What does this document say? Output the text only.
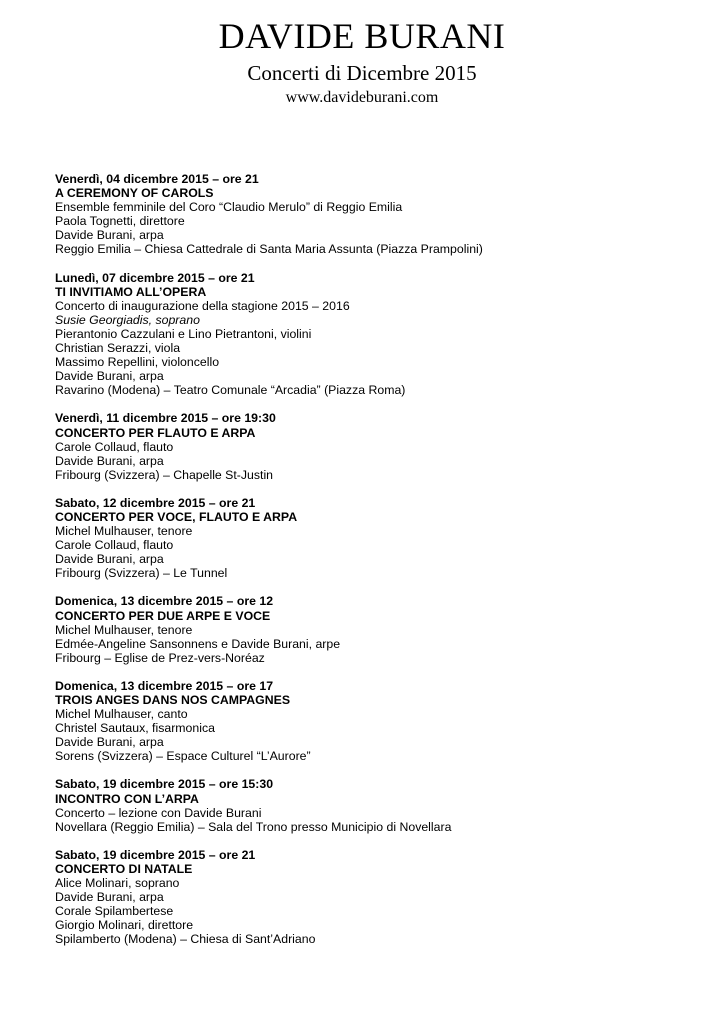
DAVIDE BURANI
Concerti di Dicembre 2015
www.davideburani.com
Venerdì, 04 dicembre 2015 – ore 21
A CEREMONY OF CAROLS
Ensemble femminile del Coro “Claudio Merulo” di Reggio Emilia
Paola Tognetti, direttore
Davide Burani, arpa
Reggio Emilia – Chiesa Cattedrale di Santa Maria Assunta (Piazza Prampolini)
Lunedì, 07 dicembre 2015 – ore 21
TI INVITIAMO ALL’OPERA
Concerto di inaugurazione della stagione 2015 – 2016
Susie Georgiadis, soprano
Pierantonio Cazzulani e Lino Pietrantoni, violini
Christian Serazzi, viola
Massimo Repellini, violoncello
Davide Burani, arpa
Ravarino (Modena) – Teatro Comunale “Arcadia” (Piazza Roma)
Venerdì, 11 dicembre 2015 – ore 19:30
CONCERTO PER FLAUTO E ARPA
Carole Collaud, flauto
Davide Burani, arpa
Fribourg (Svizzera) – Chapelle St-Justin
Sabato, 12 dicembre 2015 – ore 21
CONCERTO PER VOCE, FLAUTO E ARPA
Michel Mulhauser, tenore
Carole Collaud, flauto
Davide Burani, arpa
Fribourg (Svizzera) – Le Tunnel
Domenica, 13 dicembre 2015 – ore 12
CONCERTO PER DUE ARPE E VOCE
Michel Mulhauser, tenore
Edmée-Angeline Sansonnens e Davide Burani, arpe
Fribourg – Eglise de Prez-vers-Noréaz
Domenica, 13 dicembre 2015 – ore 17
TROIS ANGES DANS NOS CAMPAGNES
Michel Mulhauser, canto
Christel Sautaux, fisarmonica
Davide Burani, arpa
Sorens (Svizzera) – Espace Culturel “L’Aurore”
Sabato, 19 dicembre 2015 – ore 15:30
INCONTRO CON L’ARPA
Concerto – lezione con Davide Burani
Novellara (Reggio Emilia) – Sala del Trono presso Municipio di Novellara
Sabato, 19 dicembre 2015 – ore 21
CONCERTO DI NATALE
Alice Molinari, soprano
Davide Burani, arpa
Corale Spilambertese
Giorgio Molinari, direttore
Spilamberto (Modena) – Chiesa di Sant’Adriano
